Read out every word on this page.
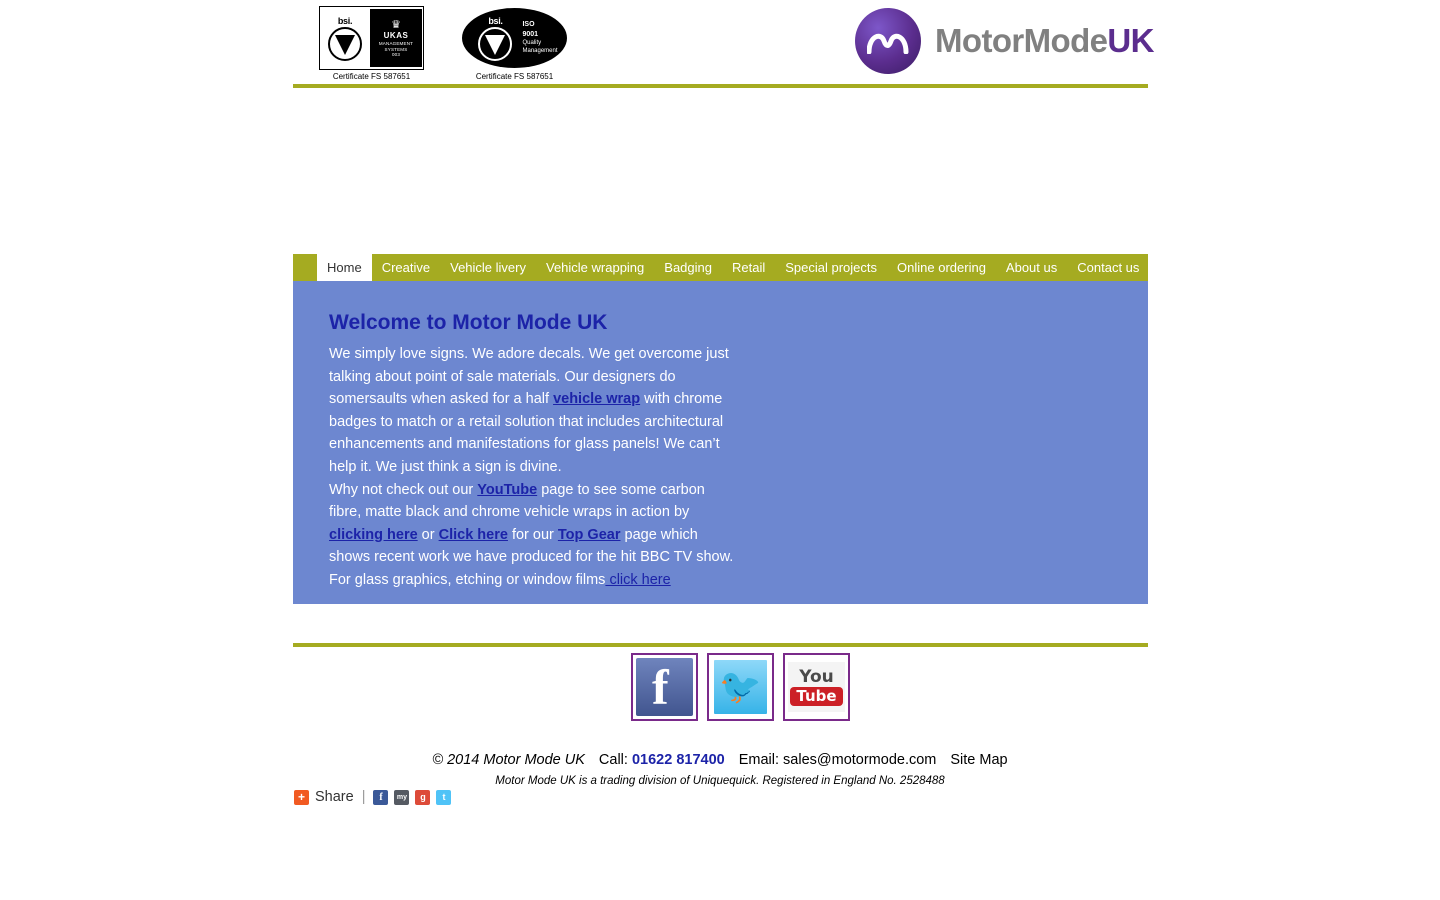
bsi.	♛
UKAS
MANAGEMENT
SYSTEMS
003
Certificate FS 587651
bsi.	ISO
9001
Quality
Management
Certificate FS 587651
MotorModeUK
Home	Creative	Vehicle livery	Vehicle wrapping	Badging	Retail	Special projects	Online ordering	About us	Contact us
Welcome to Motor Mode UK
We simply love signs. We adore decals. We get overcome just talking about point of sale materials. Our designers do somersaults when asked for a half vehicle wrap with chrome badges to match or a retail solution that includes architectural enhancements and manifestations for glass panels! We can’t help it. We just think a sign is divine.
Why not check out our YouTube page to see some carbon fibre, matte black and chrome vehicle wraps in action by clicking here or Click here for our Top Gear page which shows recent work we have produced for the hit BBC TV show.
For glass graphics, etching or window films click here
f	🐦	You
Tube
© 2014 Motor Mode UK Call: 01622 817400 Email: sales@motormode.com Site Map
Motor Mode UK is a trading division of Uniquequick. Registered in England No. 2528488
+ Share |	f	my	g	t
